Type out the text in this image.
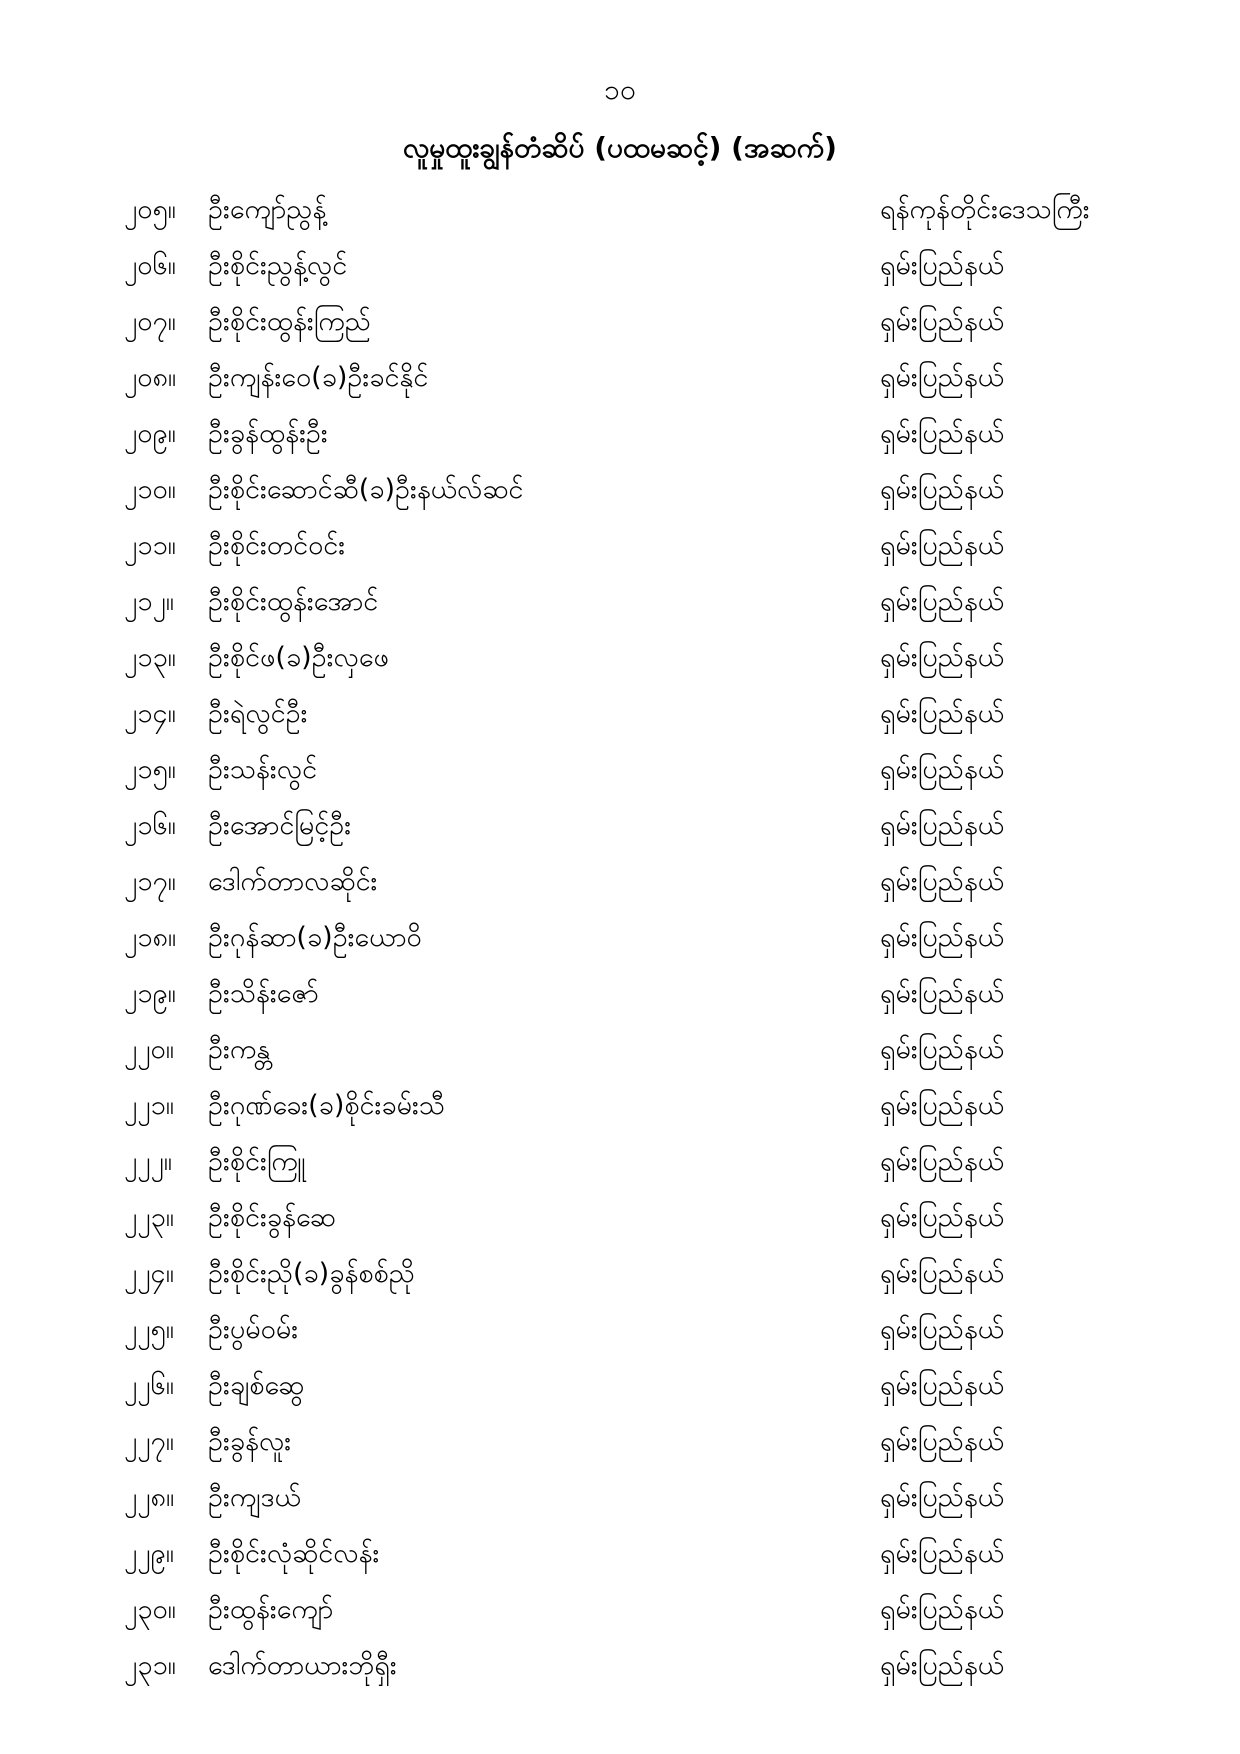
၁၀
လူမှုထူးချွန်တံဆိပ် (ပထမဆင့်) (အဆက်)
၂၀၅။	ဦးကျော်ညွန့်	ရန်ကုန်တိုင်းဒေသကြီး
၂၀၆။	ဦးစိုင်းညွန့်လွင်	ရှမ်းပြည်နယ်
၂၀၇။	ဦးစိုင်းထွန်းကြည်	ရှမ်းပြည်နယ်
၂၀၈။	ဦးကျန်းဝေ(ခ)ဦးခင်နိုင်	ရှမ်းပြည်နယ်
၂၀၉။	ဦးခွန်ထွန်းဦး	ရှမ်းပြည်နယ်
၂၁၀။	ဦးစိုင်းဆောင်ဆီ(ခ)ဦးနယ်လ်ဆင်	ရှမ်းပြည်နယ်
၂၁၁။	ဦးစိုင်းတင်ဝင်း	ရှမ်းပြည်နယ်
၂၁၂။	ဦးစိုင်းထွန်းအောင်	ရှမ်းပြည်နယ်
၂၁၃။	ဦးစိုင်ဖ(ခ)ဦးလှဖေ	ရှမ်းပြည်နယ်
၂၁၄။	ဦးရဲလွင်ဦး	ရှမ်းပြည်နယ်
၂၁၅။	ဦးသန်းလွင်	ရှမ်းပြည်နယ်
၂၁၆။	ဦးအောင်မြင့်ဦး	ရှမ်းပြည်နယ်
၂၁၇။	ဒေါက်တာလဆိုင်း	ရှမ်းပြည်နယ်
၂၁၈။	ဦးဂုန်ဆာ(ခ)ဦးယောဝိ	ရှမ်းပြည်နယ်
၂၁၉။	ဦးသိန်းဇော်	ရှမ်းပြည်နယ်
၂၂၀။	ဦးကန္တ	ရှမ်းပြည်နယ်
၂၂၁။	ဦးဂုဏ်ခေး(ခ)စိုင်းခမ်းသီ	ရှမ်းပြည်နယ်
၂၂၂။	ဦးစိုင်းကြူ	ရှမ်းပြည်နယ်
၂၂၃။	ဦးစိုင်းခွန်ဆေ	ရှမ်းပြည်နယ်
၂၂၄။	ဦးစိုင်းညို(ခ)ခွန်စစ်ညို	ရှမ်းပြည်နယ်
၂၂၅။	ဦးပွမ်ဝမ်း	ရှမ်းပြည်နယ်
၂၂၆။	ဦးချစ်ဆွေ	ရှမ်းပြည်နယ်
၂၂၇။	ဦးခွန်လူး	ရှမ်းပြည်နယ်
၂၂၈။	ဦးကျဒယ်	ရှမ်းပြည်နယ်
၂၂၉။	ဦးစိုင်းလုံဆိုင်လန်း	ရှမ်းပြည်နယ်
၂၃၀။	ဦးထွန်းကျော်	ရှမ်းပြည်နယ်
၂၃၁။	ဒေါက်တာယားဘိုရှီး	ရှမ်းပြည်နယ်
